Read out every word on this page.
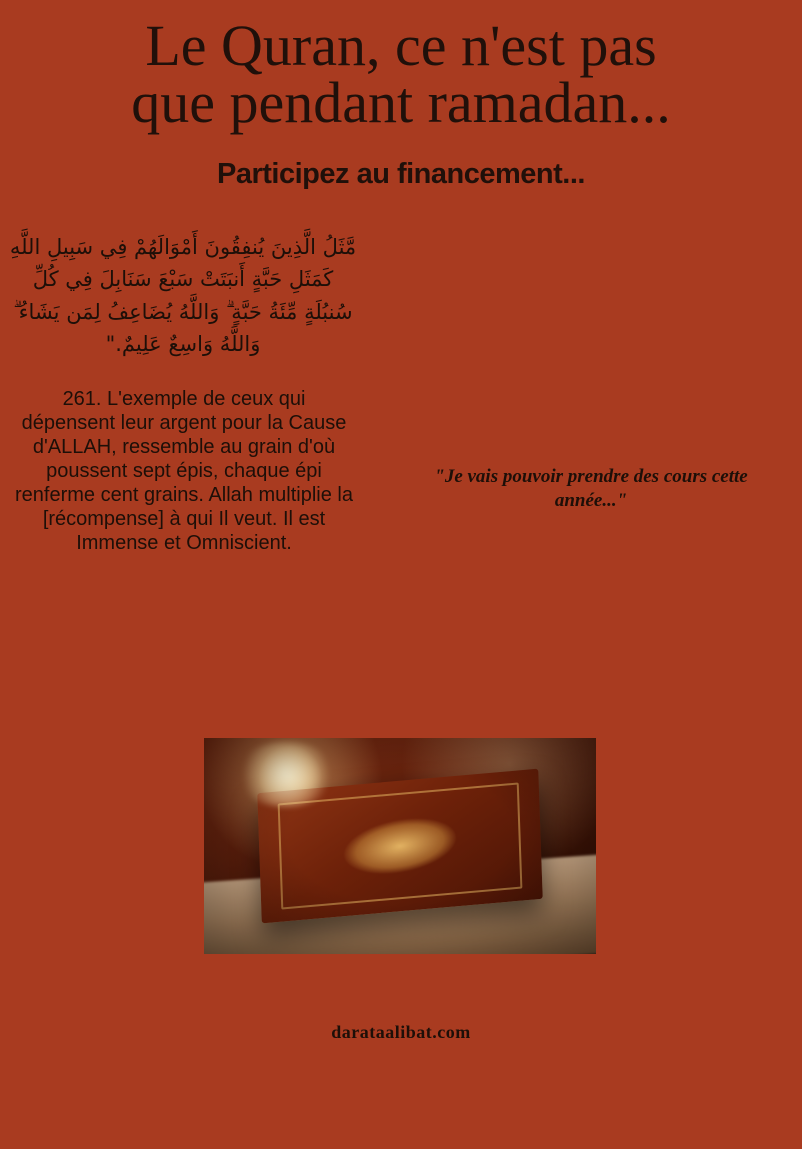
Le Quran, ce n'est pas que pendant ramadan...
Participez au financement...
مَّثَلُ الَّذِينَ يُنفِقُونَ أَمْوَالَهُمْ فِي سَبِيلِ اللَّهِ كَمَثَلِ حَبَّةٍ أَنبَتَتْ سَبْعَ سَنَابِلَ فِي كُلِّ سُنبُلَةٍ مِّئَةُ حَبَّةٍ ۗ وَاللَّهُ يُضَاعِفُ لِمَن يَشَاءُ ۗ وَاللَّهُ وَاسِعٌ عَلِيمٌ."
261. L'exemple de ceux qui dépensent leur argent pour la Cause d'ALLAH, ressemble au grain d'où poussent sept épis, chaque épi renferme cent grains. Allah multiplie la [récompense] à qui Il veut. Il est Immense et Omniscient.
"Je vais pouvoir prendre des cours cette année..."
darataalibat.com
